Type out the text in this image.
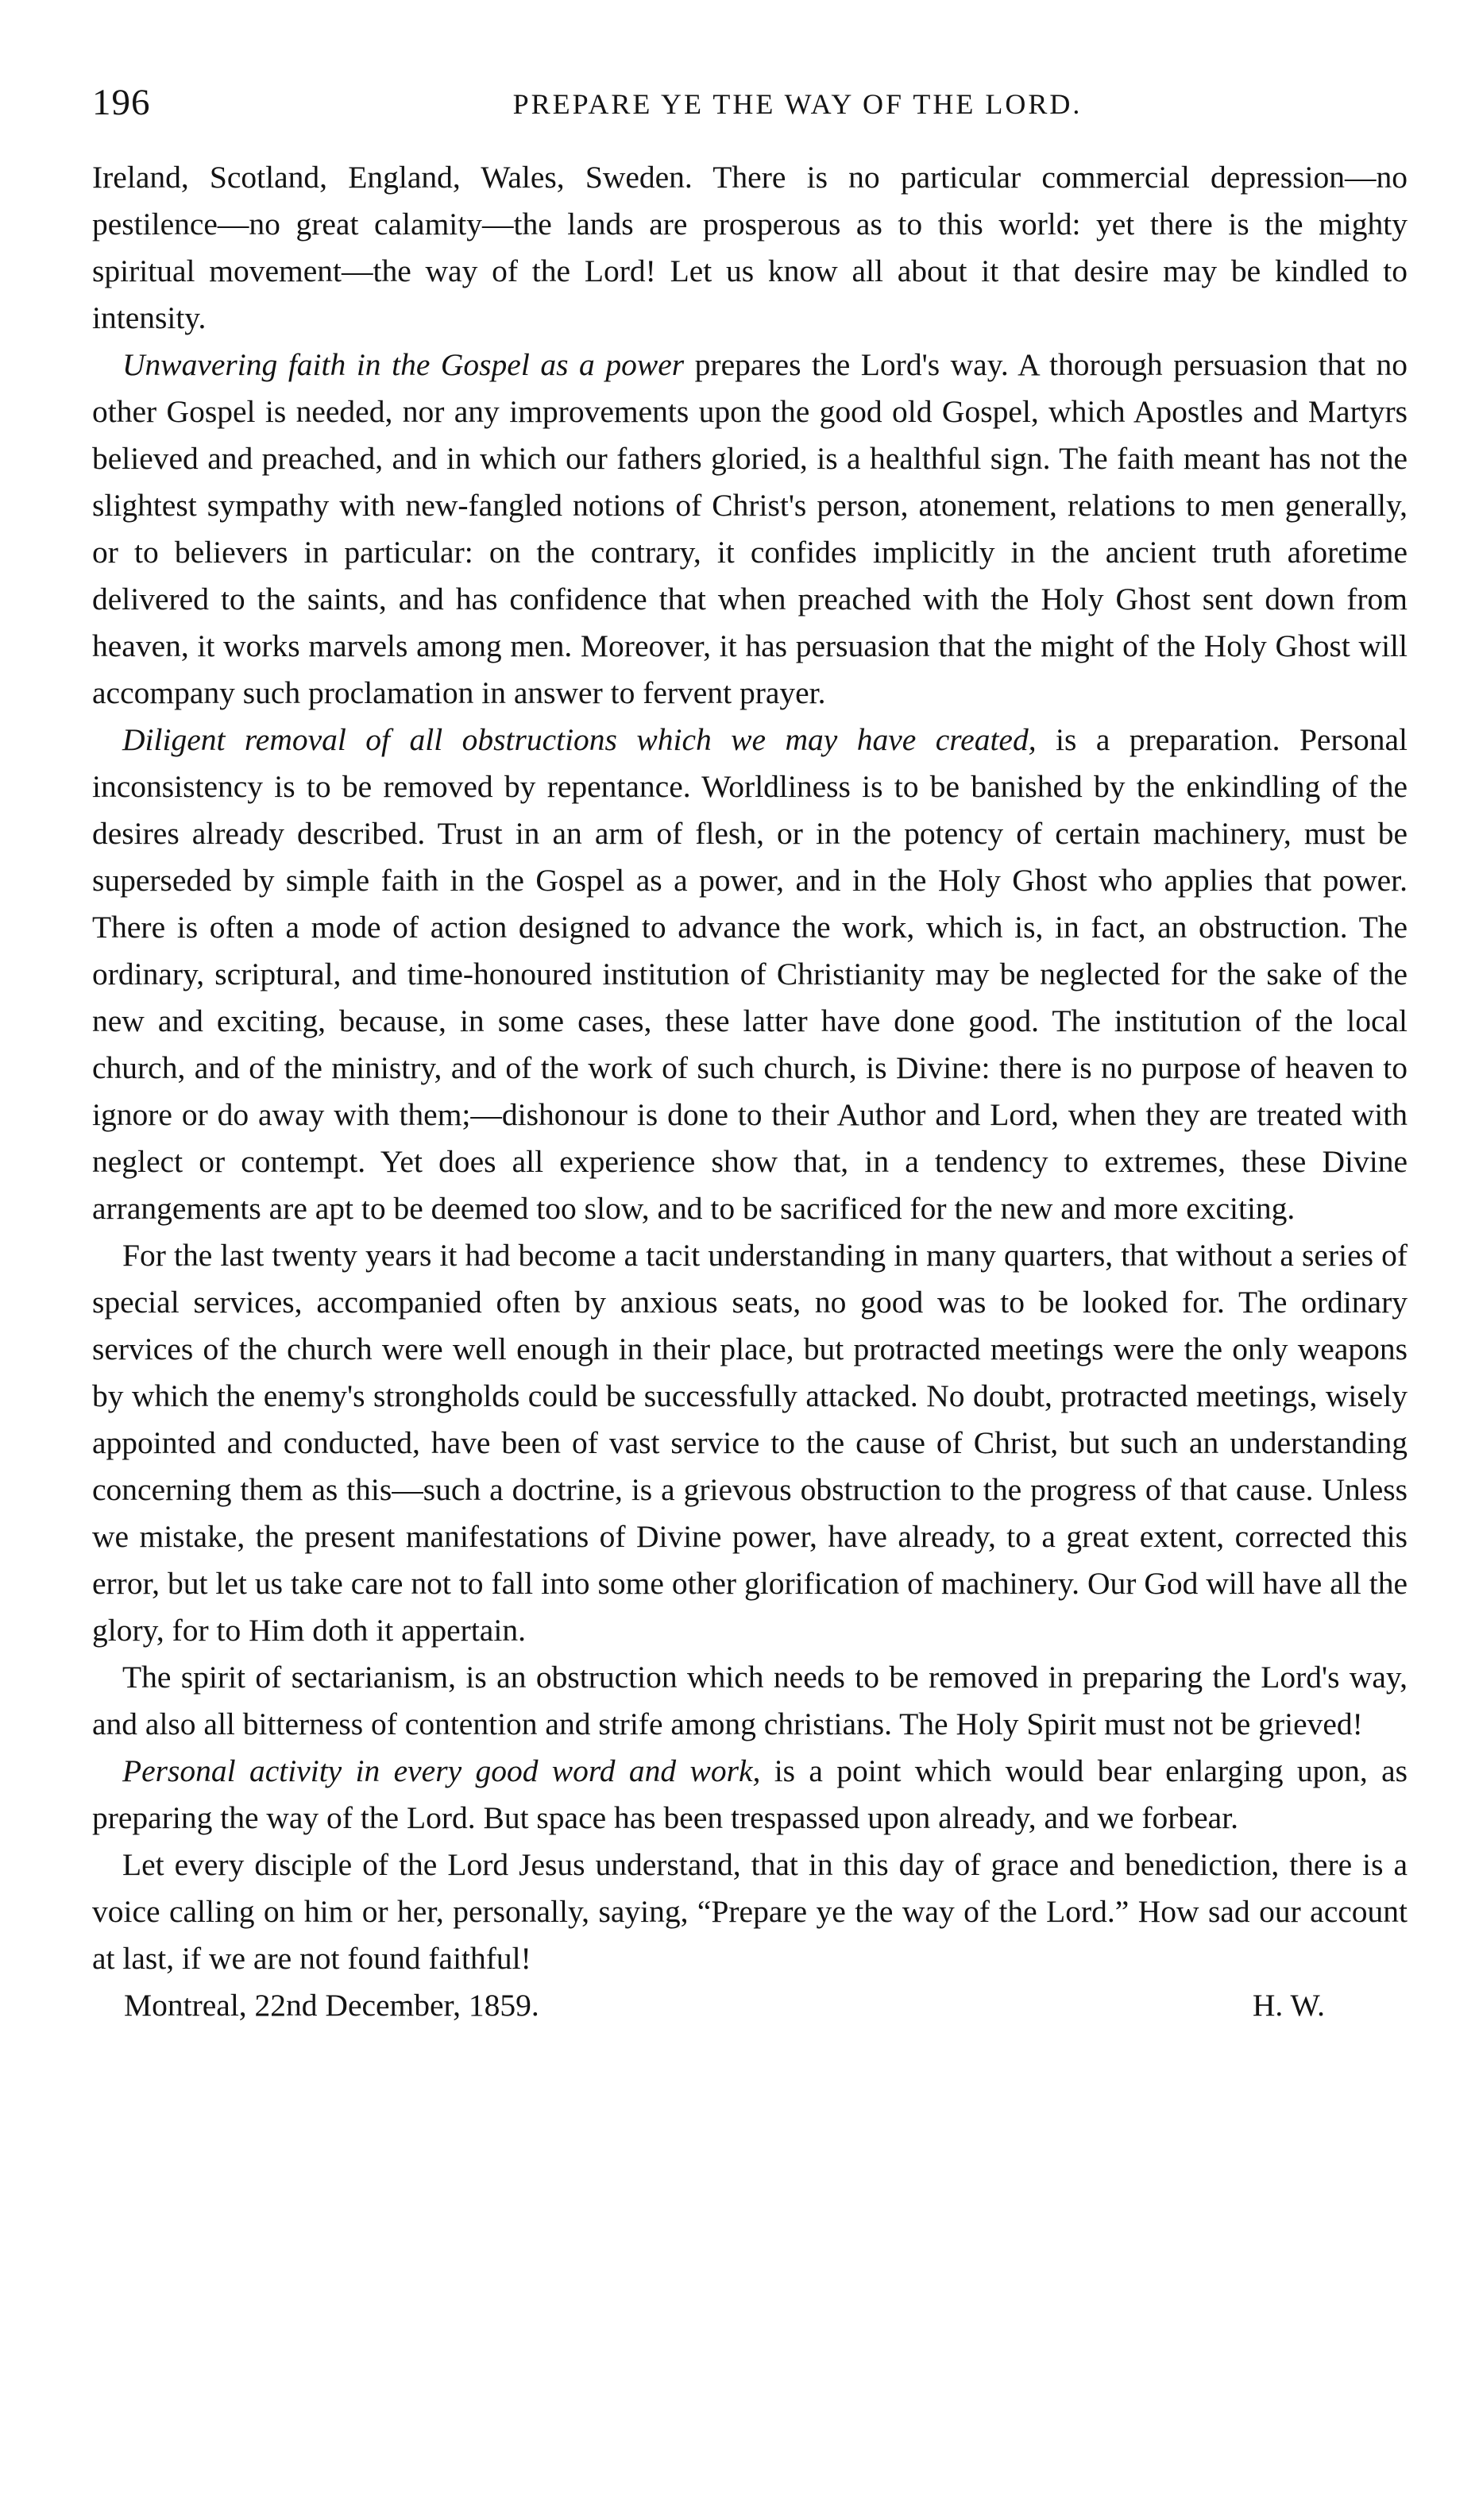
196	PREPARE YE THE WAY OF THE LORD.

Ireland, Scotland, England, Wales, Sweden. There is no particular commercial depression—no pestilence—no great calamity—the lands are prosperous as to this world: yet there is the mighty spiritual movement—the way of the Lord! Let us know all about it that desire may be kindled to intensity.

Unwavering faith in the Gospel as a power prepares the Lord's way. A thorough persuasion that no other Gospel is needed, nor any improvements upon the good old Gospel, which Apostles and Martyrs believed and preached, and in which our fathers gloried, is a healthful sign. The faith meant has not the slightest sympathy with new-fangled notions of Christ's person, atonement, relations to men generally, or to believers in particular: on the contrary, it confides implicitly in the ancient truth aforetime delivered to the saints, and has confidence that when preached with the Holy Ghost sent down from heaven, it works marvels among men. Moreover, it has persuasion that the might of the Holy Ghost will accompany such proclamation in answer to fervent prayer.

Diligent removal of all obstructions which we may have created, is a preparation. Personal inconsistency is to be removed by repentance. Worldliness is to be banished by the enkindling of the desires already described. Trust in an arm of flesh, or in the potency of certain machinery, must be superseded by simple faith in the Gospel as a power, and in the Holy Ghost who applies that power. There is often a mode of action designed to advance the work, which is, in fact, an obstruction. The ordinary, scriptural, and time-honoured institution of Christianity may be neglected for the sake of the new and exciting, because, in some cases, these latter have done good. The institution of the local church, and of the ministry, and of the work of such church, is Divine: there is no purpose of heaven to ignore or do away with them;—dishonour is done to their Author and Lord, when they are treated with neglect or contempt. Yet does all experience show that, in a tendency to extremes, these Divine arrangements are apt to be deemed too slow, and to be sacrificed for the new and more exciting.

For the last twenty years it had become a tacit understanding in many quarters, that without a series of special services, accompanied often by anxious seats, no good was to be looked for. The ordinary services of the church were well enough in their place, but protracted meetings were the only weapons by which the enemy's strongholds could be successfully attacked. No doubt, protracted meetings, wisely appointed and conducted, have been of vast service to the cause of Christ, but such an understanding concerning them as this—such a doctrine, is a grievous obstruction to the progress of that cause. Unless we mistake, the present manifestations of Divine power, have already, to a great extent, corrected this error, but let us take care not to fall into some other glorification of machinery. Our God will have all the glory, for to Him doth it appertain.

The spirit of sectarianism, is an obstruction which needs to be removed in preparing the Lord's way, and also all bitterness of contention and strife among christians. The Holy Spirit must not be grieved!

Personal activity in every good word and work, is a point which would bear enlarging upon, as preparing the way of the Lord. But space has been trespassed upon already, and we forbear.

Let every disciple of the Lord Jesus understand, that in this day of grace and benediction, there is a voice calling on him or her, personally, saying, “Prepare ye the way of the Lord.” How sad our account at last, if we are not found faithful!

Montreal, 22nd December, 1859.	H. W.
